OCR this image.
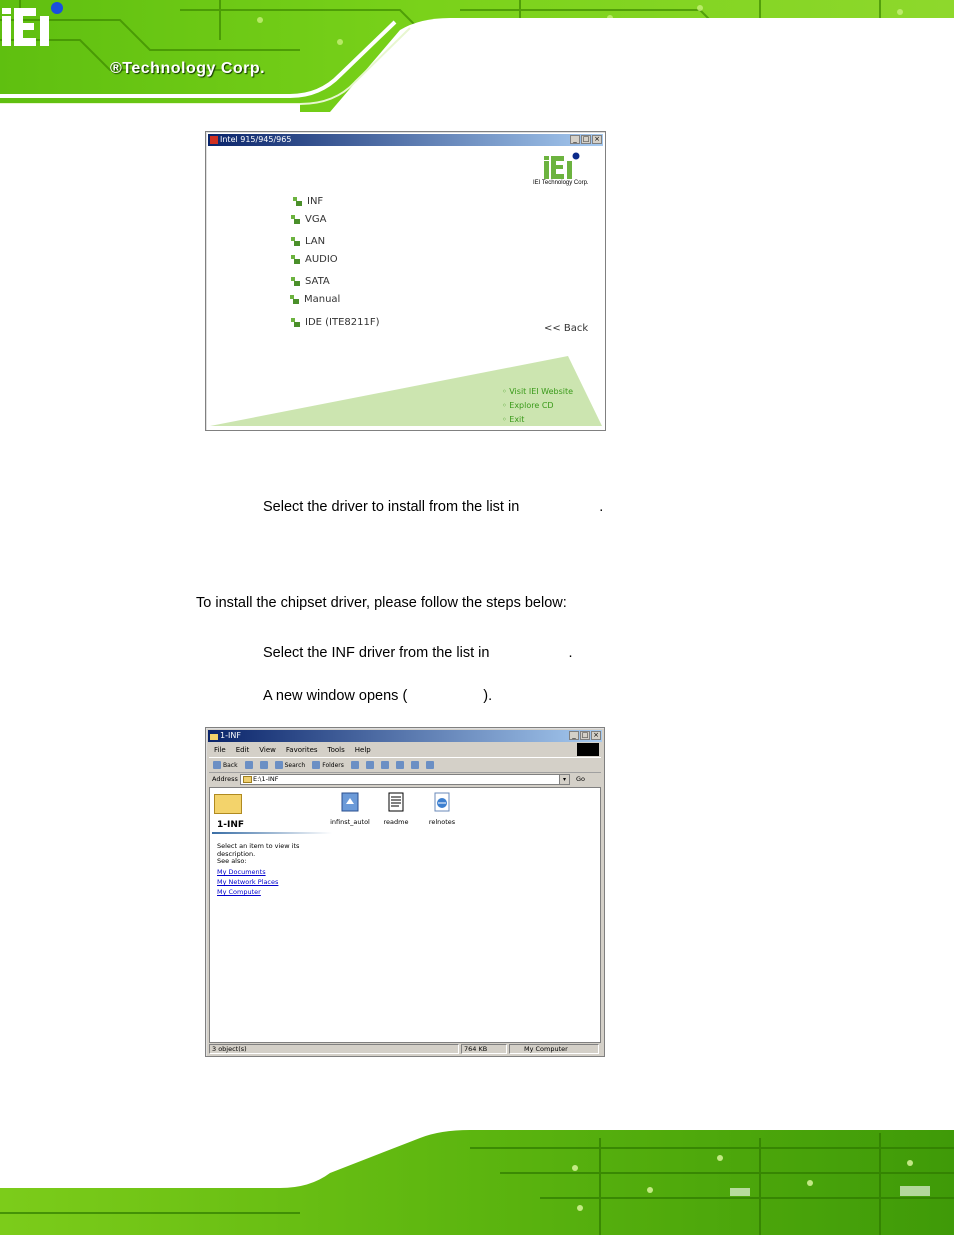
®Technology Corp.
Intel 915/945/965	_ □ ×
IEI Technology Corp.
INF
VGA
LAN
AUDIO
SATA
Manual
IDE (ITE8211F)
<< Back
◦ Visit IEI Website
◦ Explore CD
◦ Exit
Select the driver to install from the list in	.
To install the chipset driver, please follow the steps below:
Select the INF driver from the list in	.
A new window opens (	).
1-INF	_ □ ×
File Edit View Favorites Tools Help
Back	Search	Folders
Address	E:\1-INF	▾	Go
1-INF
Select an item to view its description.
See also:
My Documents
My Network Places
My Computer
infinst_autol	readme	relnotes
3 object(s)	764 KB	My Computer
